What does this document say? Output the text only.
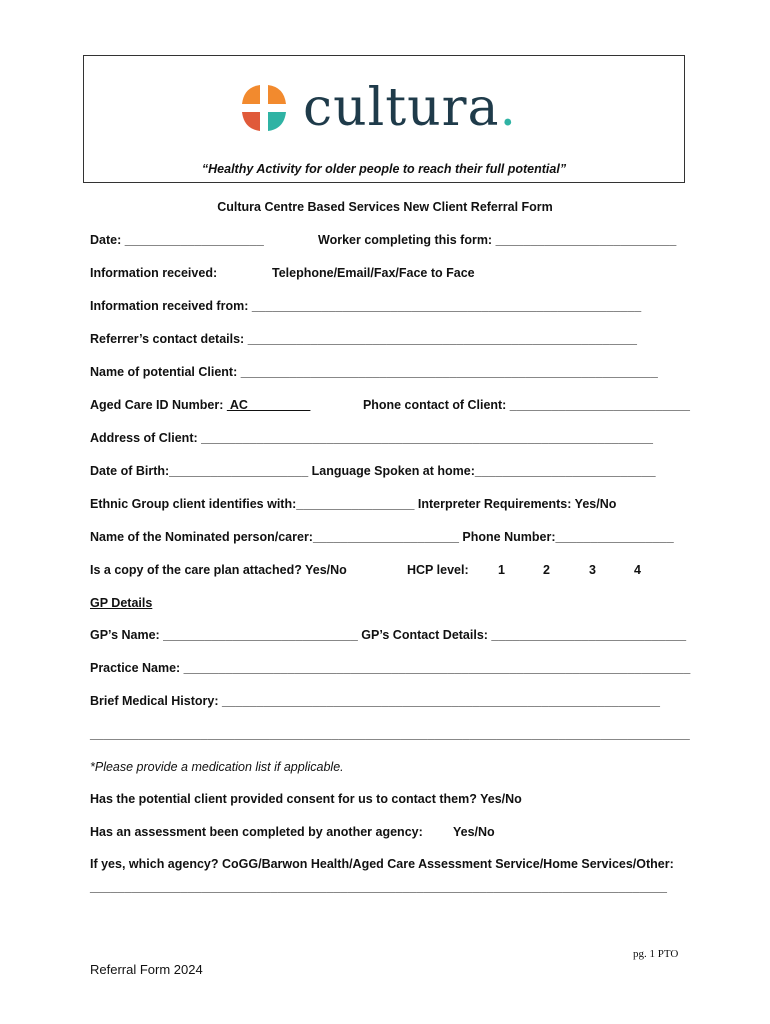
cultura.
“Healthy Activity for older people to reach their full potential”
Cultura Centre Based Services New Client Referral Form
Date: ____________________	Worker completing this form: __________________________
Information received:	Telephone/Email/Fax/Face to Face
Information received from: ________________________________________________________
Referrer’s contact details: ________________________________________________________
Name of potential Client: ____________________________________________________________
Aged Care ID Number:  AC	Phone contact of Client: __________________________
Address of Client: _________________________________________________________________
Date of Birth:____________________ Language Spoken at home:__________________________
Ethnic Group client identifies with:_________________ Interpreter Requirements: Yes/No
Name of the Nominated person/carer:_____________________ Phone Number:_________________
Is a copy of the care plan attached? Yes/No	HCP level: 1	2	3	4
GP Details
GP’s Name: ____________________________ GP’s Contact Details: ____________________________
Practice Name: _________________________________________________________________________
Brief Medical History: _______________________________________________________________
_______________________________________________________________________________________
*Please provide a medication list if applicable.
Has the potential client provided consent for us to contact them? Yes/No
Has an assessment been completed by another agency: Yes/No
If yes, which agency? CoGG/Barwon Health/Aged Care Assessment Service/Home Services/Other:
___________________________________________________________________________________
pg. 1 PTO
Referral Form 2024
